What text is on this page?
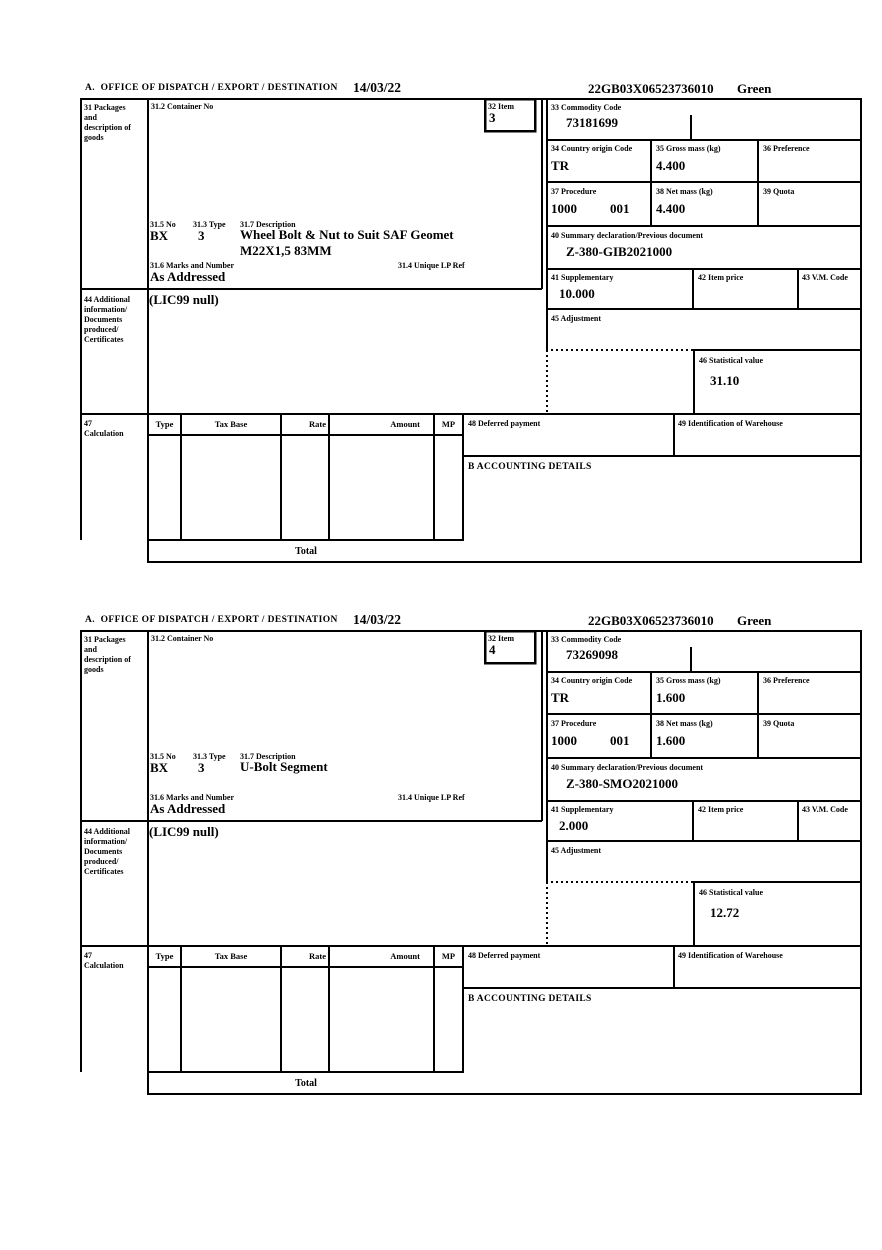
A.  OFFICE OF DISPATCH / EXPORT / DESTINATION 14/03/22	22GB03X06523736010 Green
31 Packages and description of goods
31.2 Container No	32 Item
3
31.5 No 31.3 Type 31.7 Description
BX 3	Wheel Bolt & Nut to Suit SAF Geomet M22X1,5 83MM
31.6 Marks and Number	31.4 Unique LP Ref
As Addressed
44 Additional information/ Documents produced/ Certificates
(LIC99 null)
33 Commodity Code
73181699
34 Country origin Code
TR
35 Gross mass (kg)
4.400
36 Preference
37 Procedure
1000	001
38 Net mass (kg)
4.400
39 Quota
40 Summary declaration/Previous document
Z-380-GIB2021000
41 Supplementary
10.000
42 Item price	43 V.M. Code
45 Adjustment
46 Statistical value
31.10
47 Calculation
Type	Tax Base	Rate	Amount	MP	48 Deferred payment	49 Identification of Warehouse
B ACCOUNTING DETAILS
Total
A.  OFFICE OF DISPATCH / EXPORT / DESTINATION 14/03/22	22GB03X06523736010 Green
31 Packages and description of goods
31.2 Container No	32 Item
4
31.5 No 31.3 Type 31.7 Description
BX 3	U-Bolt Segment
31.6 Marks and Number	31.4 Unique LP Ref
As Addressed
44 Additional information/ Documents produced/ Certificates
(LIC99 null)
33 Commodity Code
73269098
34 Country origin Code
TR
35 Gross mass (kg)
1.600
36 Preference
37 Procedure
1000	001
38 Net mass (kg)
1.600
39 Quota
40 Summary declaration/Previous document
Z-380-SMO2021000
41 Supplementary
2.000
42 Item price	43 V.M. Code
45 Adjustment
46 Statistical value
12.72
47 Calculation
Type	Tax Base	Rate	Amount	MP	48 Deferred payment	49 Identification of Warehouse
B ACCOUNTING DETAILS
Total
